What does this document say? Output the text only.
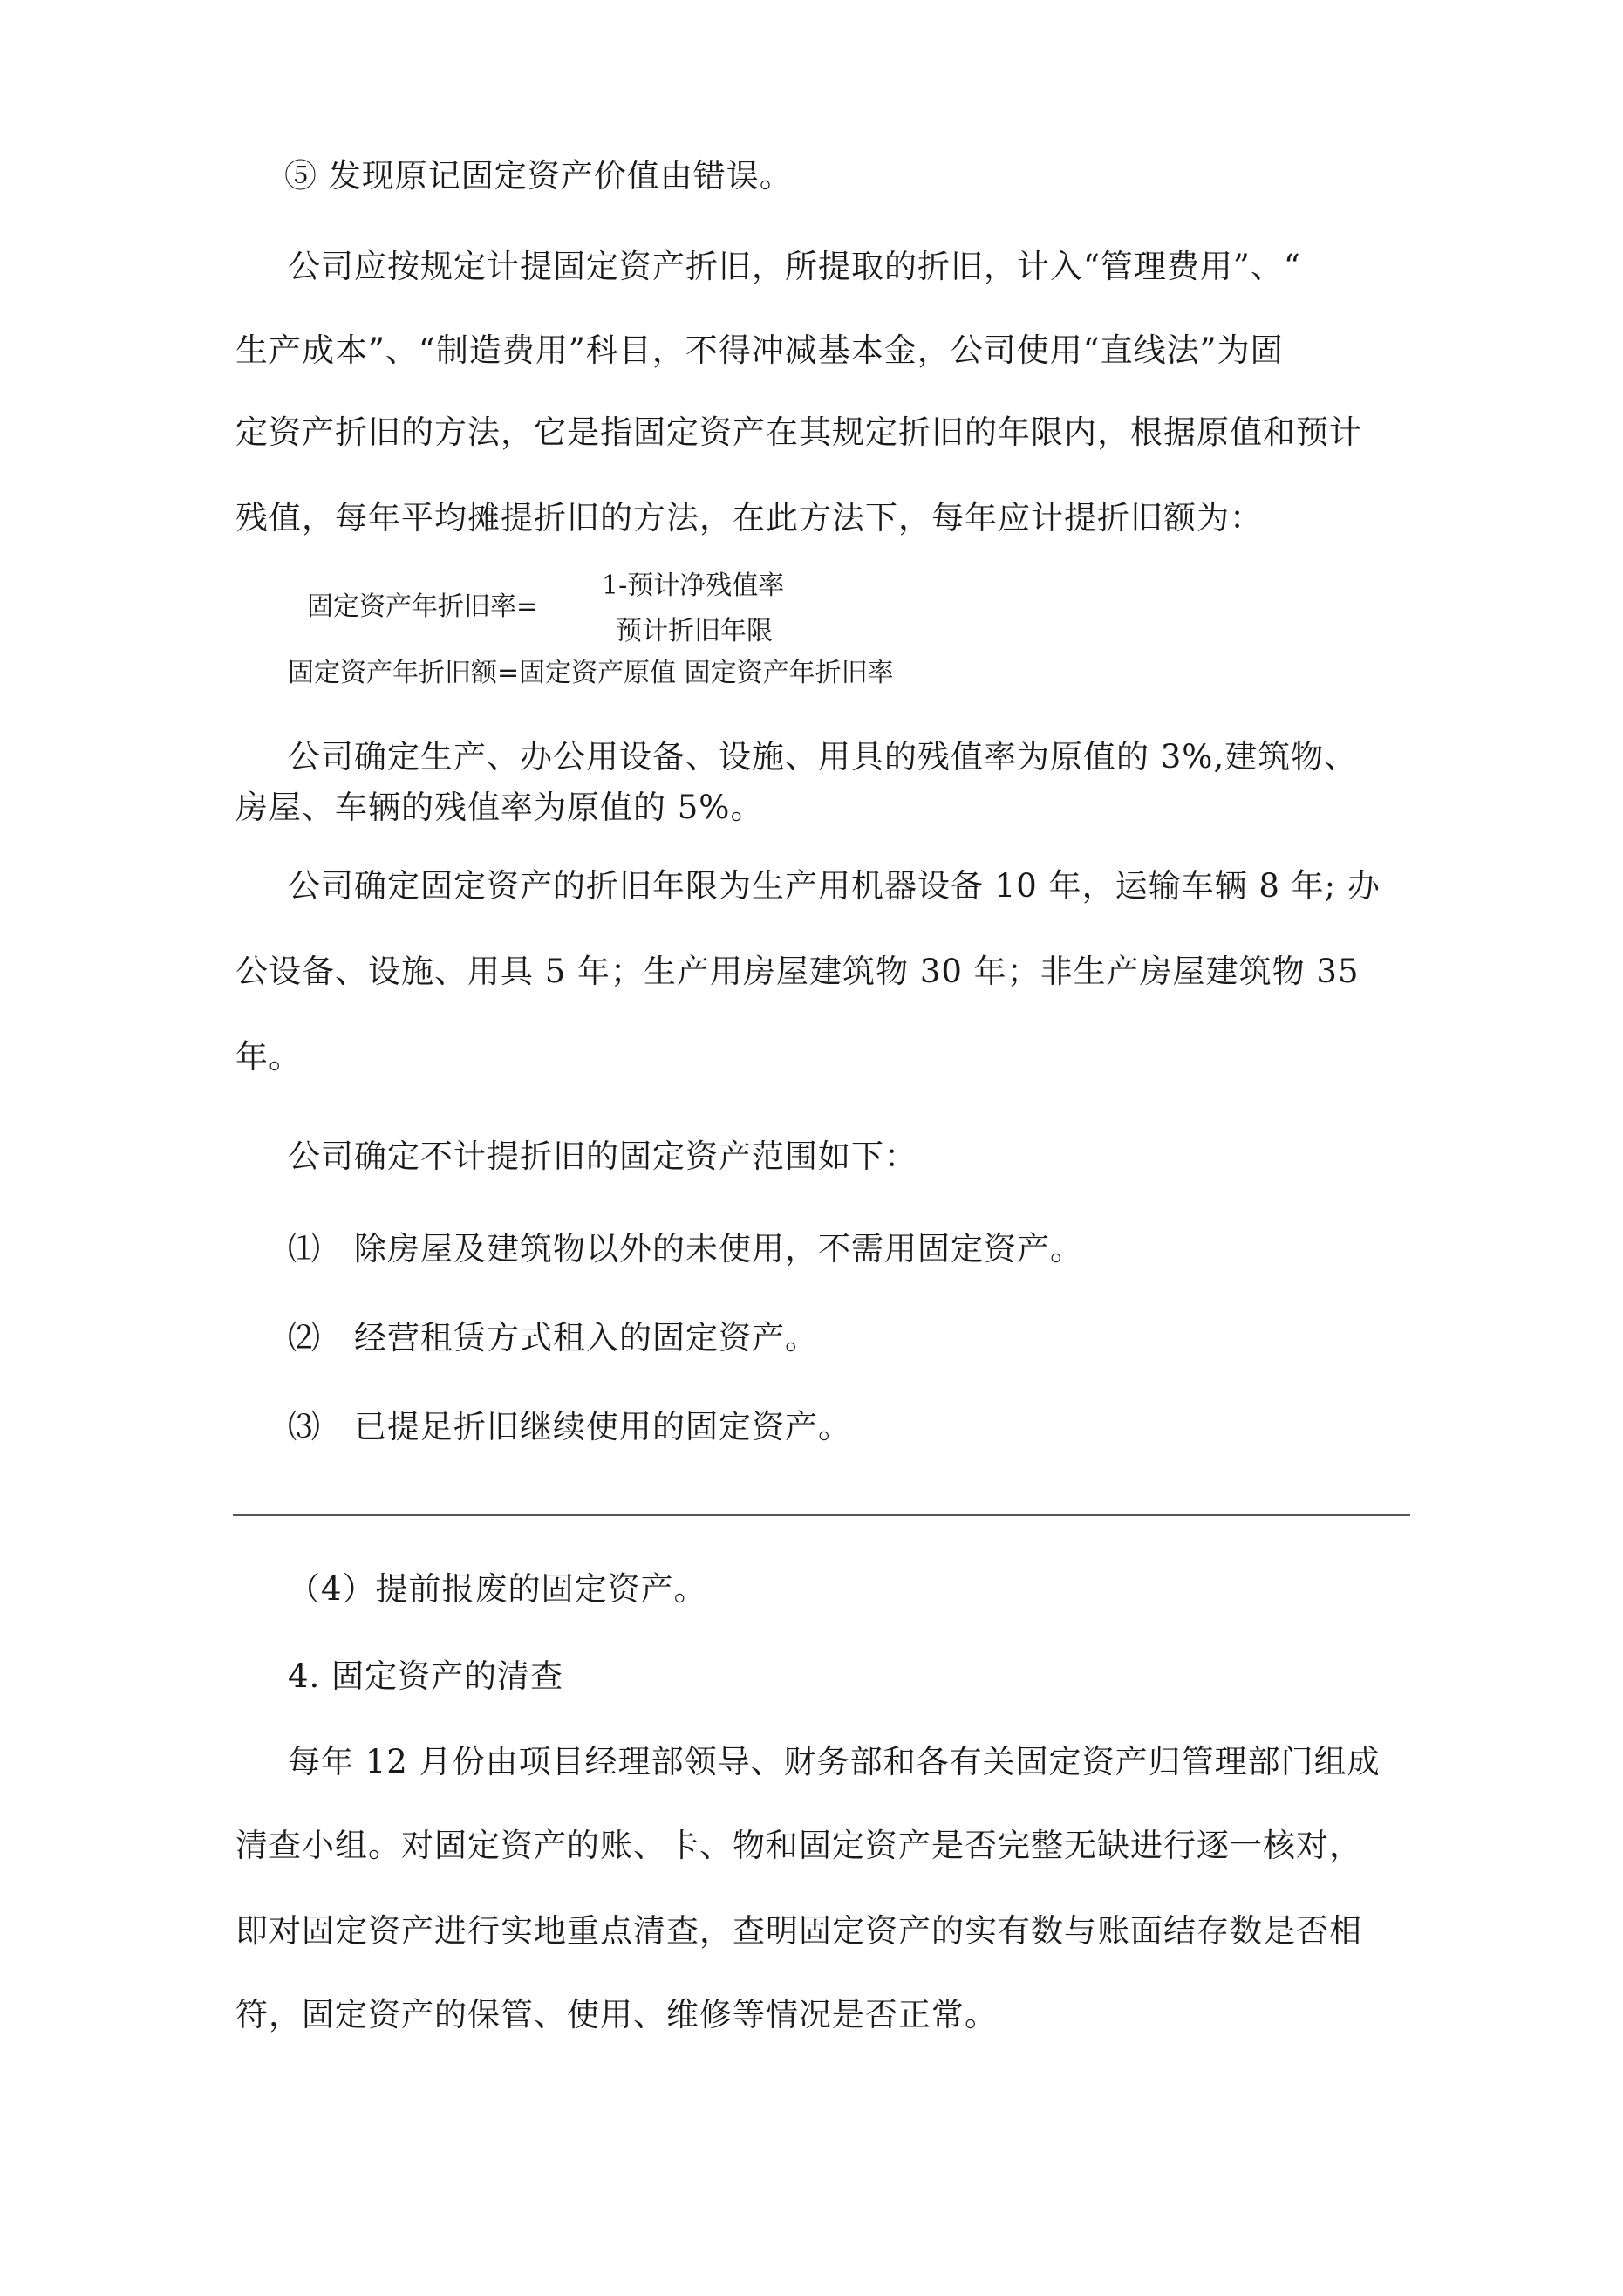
⑤ 发现原记固定资产价值由错误。
公司应按规定计提固定资产折旧，所提取的折旧，计入“管理费用”、“
生产成本”、“制造费用”科目，不得冲减基本金，公司使用“直线法”为固
定资产折旧的方法，它是指固定资产在其规定折旧的年限内，根据原值和预计
残值，每年平均摊提折旧的方法，在此方法下，每年应计提折旧额为：
固定资产年折旧率=
1-预计净残值率
预计折旧年限
固定资产年折旧额=固定资产原值 固定资产年折旧率
公司确定生产、办公用设备、设施、用具的残值率为原值的 3%,建筑物、
房屋、车辆的残值率为原值的 5%。
公司确定固定资产的折旧年限为生产用机器设备 10 年，运输车辆 8 年; 办
公设备、设施、用具 5 年；生产用房屋建筑物 30 年；非生产房屋建筑物 35
年。
公司确定不计提折旧的固定资产范围如下：
⑴　除房屋及建筑物以外的未使用，不需用固定资产。
⑵　经营租赁方式租入的固定资产。
⑶　已提足折旧继续使用的固定资产。
（4）提前报废的固定资产。
4. 固定资产的清查
每年 12 月份由项目经理部领导、财务部和各有关固定资产归管理部门组成
清查小组。对固定资产的账、卡、物和固定资产是否完整无缺进行逐一核对，
即对固定资产进行实地重点清查，查明固定资产的实有数与账面结存数是否相
符，固定资产的保管、使用、维修等情况是否正常。
